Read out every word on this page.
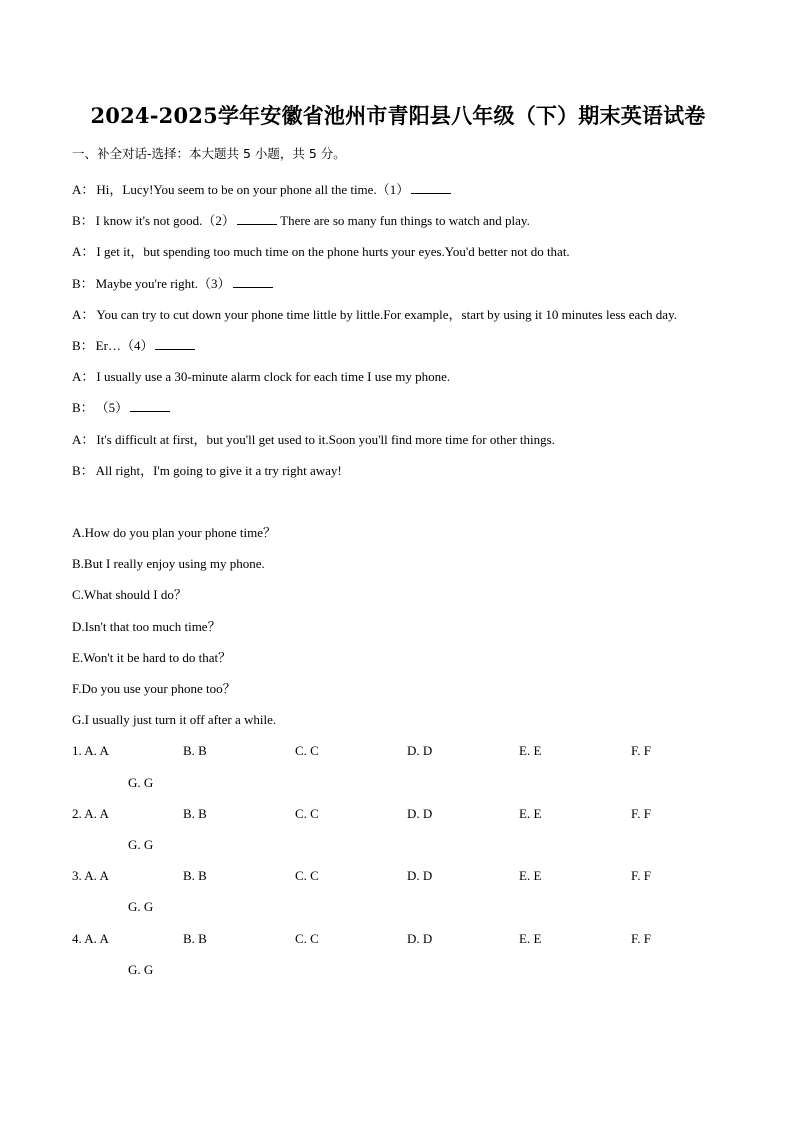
2024-2025学年安徽省池州市青阳县八年级（下）期末英语试卷

一、补全对话-选择：本大题共 5 小题，共 5 分。

A： Hi，Lucy!You seem to be on your phone all the time.（1）

B： I know it's not good.（2）	There are so many fun things to watch and play.

A： I get it，but spending too much time on the phone hurts your eyes.You'd better not do that.

B： Maybe you're right.（3）

A： You can try to cut down your phone time little by little.For example，start by using it 10 minutes less each day.

B： Er…（4）

A： I usually use a 30-minute alarm clock for each time I use my phone.

B： （5）

A： It's difficult at first，but you'll get used to it.Soon you'll find more time for other things.

B： All right，I'm going to give it a try right away!

A.How do you plan your phone time？

B.But I really enjoy using my phone.

C.What should I do？

D.Isn't that too much time？

E.Won't it be hard to do that？

F.Do you use your phone too？

G.I usually just turn it off after a while.

1. A. A	B. B	C. C	D. D	E. E	F. F
G. G
2. A. A	B. B	C. C	D. D	E. E	F. F
G. G
3. A. A	B. B	C. C	D. D	E. E	F. F
G. G
4. A. A	B. B	C. C	D. D	E. E	F. F
G. G
